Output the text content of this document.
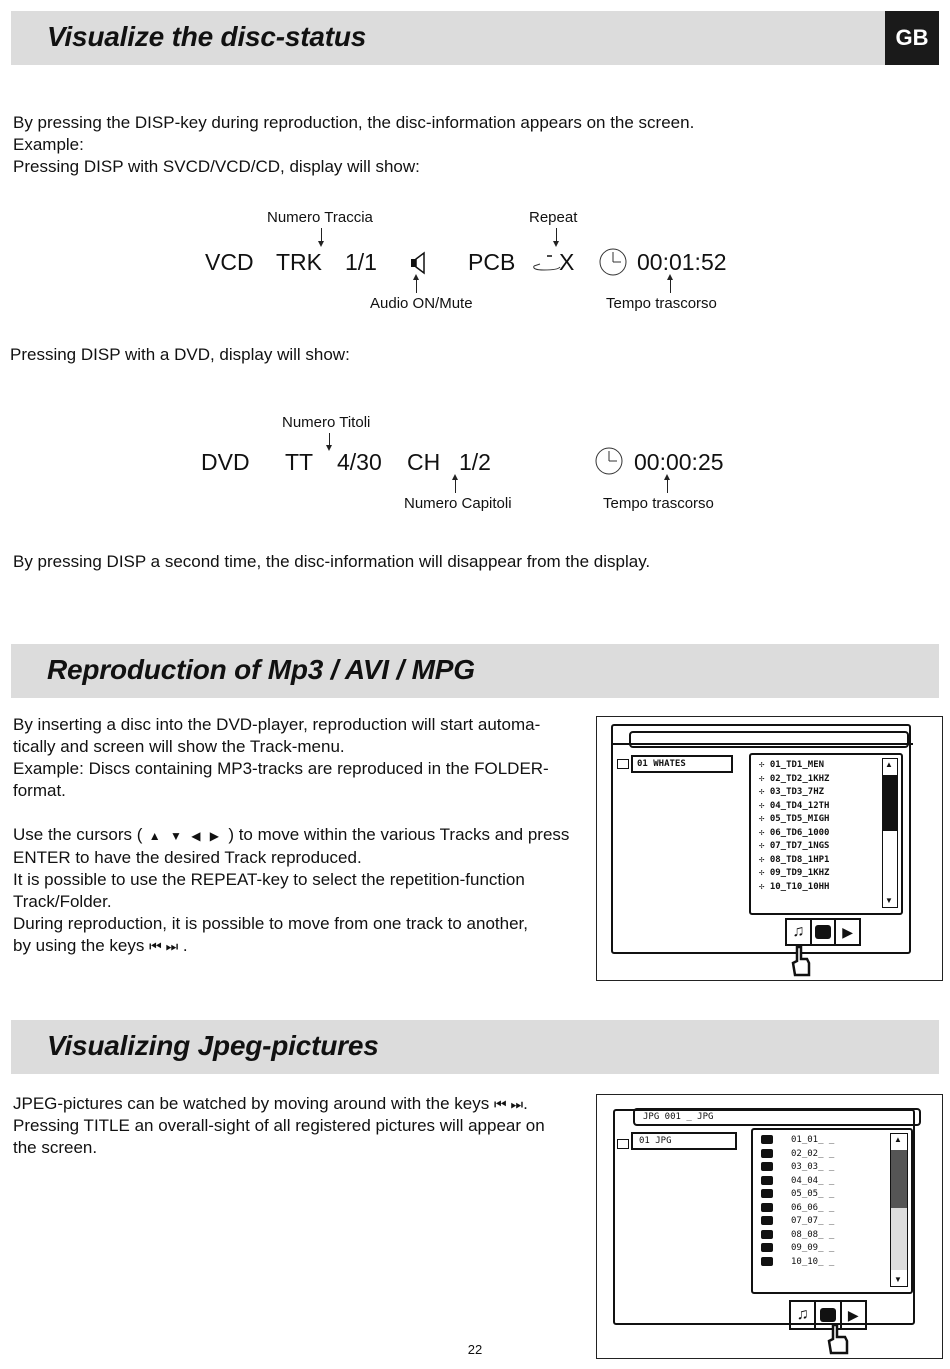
Visualize the disc-status	GB
By pressing the DISP-key during reproduction, the disc-information appears on the screen.
Example:
Pressing DISP with SVCD/VCD/CD, display will show:
Numero Traccia	Repeat
VCD TRK 1/1	PCB X	00:01:52
Audio ON/Mute	Tempo trascorso
Pressing DISP with a DVD, display will show:
Numero Titoli
DVD TT 4/30 CH 1/2	00:00:25
Numero Capitoli	Tempo trascorso
By pressing DISP a second time, the disc-information will disappear from the display.
Reproduction of Mp3 / AVI / MPG
By inserting a disc into the DVD-player, reproduction will start automa-
tically and screen will show the Track-menu.
Example: Discs containing MP3-tracks are reproduced in the FOLDER-
format.
Use the cursors ( ▲ ▼ ◀ ▶ ) to move within the various Tracks and press
ENTER to have the desired Track reproduced.
It is possible to use the REPEAT-key to select the repetition-function
Track/Folder.
During reproduction, it is possible to move from one track to another,
by using the keys ⏮ ⏭ .
01 WHATES	✢ 01_TD1_MEN
✢ 02_TD2_1KHZ
✢ 03_TD3_7HZ
✢ 04_TD4_12TH
✢ 05_TD5_MIGH
✢ 06_TD6_1000
✢ 07_TD7_1NGS
✢ 08_TD8_1HP1
✢ 09_TD9_1KHZ
✢ 10_T10_10HH
▲
▼
♫	▶
Visualizing Jpeg-pictures
JPEG-pictures can be watched by moving around with the keys ⏮ ⏭.
Pressing TITLE an overall-sight of all registered pictures will appear on
the screen.
JPG 001 _ JPG
01 JPG	01_01_ _
02_02_ _
03_03_ _
04_04_ _
05_05_ _
06_06_ _
07_07_ _
08_08_ _
09_09_ _
10_10_ _
▲
▼
♫	▶
22
